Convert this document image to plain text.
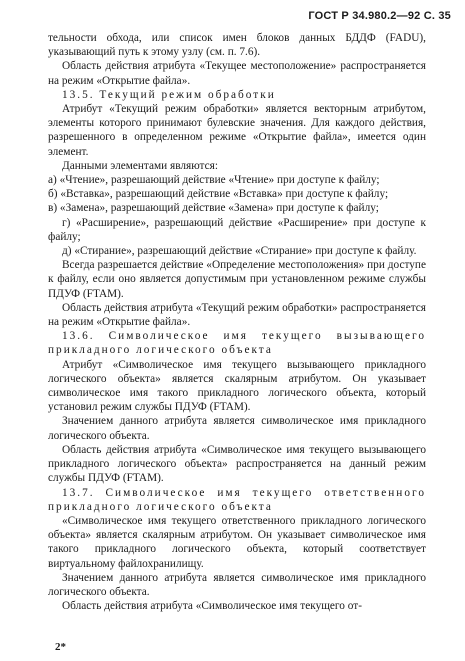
ГОСТ Р 34.980.2—92 С. 35

тельности обхода, или список имен блоков данных БДДФ (FADU), указывающий путь к этому узлу (см. п. 7.6).

Область действия атрибута «Текущее местоположение» распространяется на режим «Открытие файла».

13.5. Текущий режим обработки

Атрибут «Текущий режим обработки» является векторным атрибутом, элементы которого принимают булевские значения. Для каждого действия, разрешенного в определенном режиме «Открытие файла», имеется один элемент.

Данными элементами являются:

а) «Чтение», разрешающий действие «Чтение» при доступе к файлу;

б) «Вставка», разрешающий действие «Вставка» при доступе к файлу;

в) «Замена», разрешающий действие «Замена» при доступе к файлу;

г) «Расширение», разрешающий действие «Расширение» при доступе к файлу;

д) «Стирание», разрешающий действие «Стирание» при доступе к файлу.

Всегда разрешается действие «Определение местоположения» при доступе к файлу, если оно является допустимым при установленном режиме службы ПДУФ (FTAM).

Область действия атрибута «Текущий режим обработки» распространяется на режим «Открытие файла».

13.6. Символическое имя текущего вызывающего прикладного логического объекта

Атрибут «Символическое имя текущего вызывающего прикладного логического объекта» является скалярным атрибутом. Он указывает символическое имя такого прикладного логического объекта, который установил режим службы ПДУФ (FTAM).

Значением данного атрибута является символическое имя прикладного логического объекта.

Область действия атрибута «Символическое имя текущего вызывающего прикладного логического объекта» распространяется на данный режим службы ПДУФ (FTAM).

13.7. Символическое имя текущего ответственного прикладного логического объекта

«Символическое имя текущего ответственного прикладного логического объекта» является скалярным атрибутом. Он указывает символическое имя такого прикладного логического объекта, который соответствует виртуальному файлохранилищу.

Значением данного атрибута является символическое имя прикладного логического объекта.

Область действия атрибута «Символическое имя текущего от-

2*
